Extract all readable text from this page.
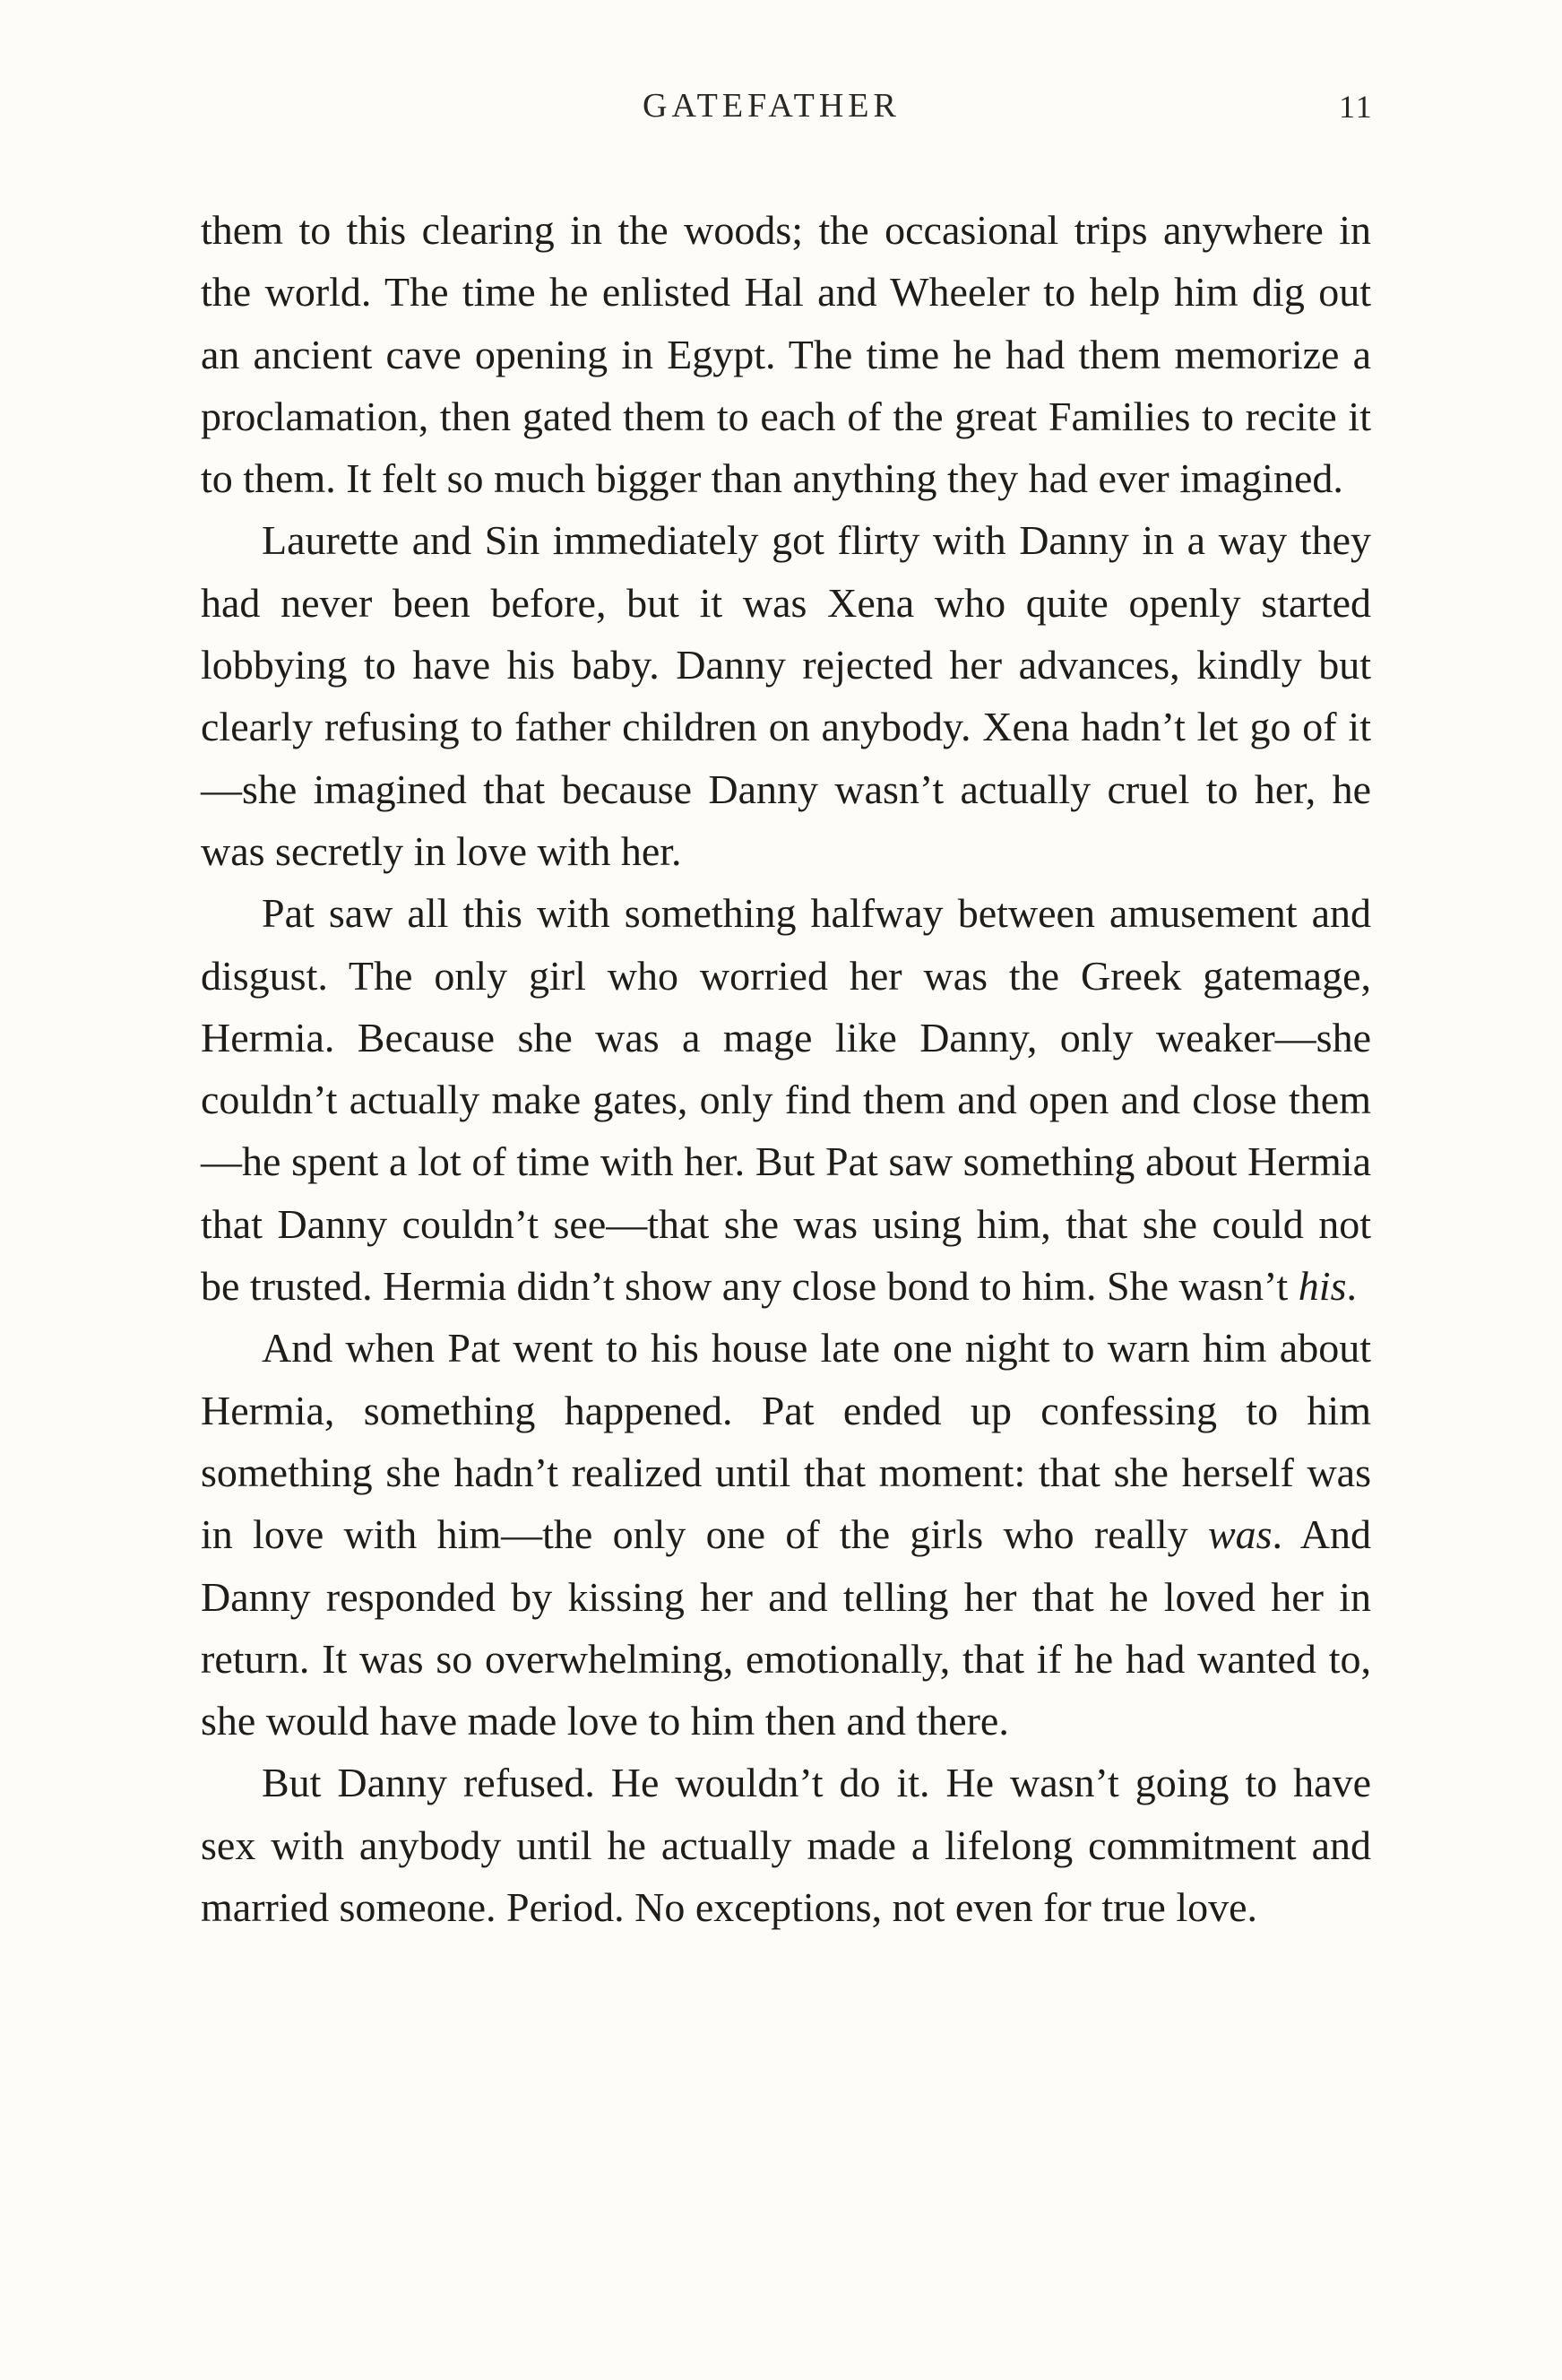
GATEFATHER	11

them to this clearing in the woods; the occasional trips anywhere in the world. The time he enlisted Hal and Wheeler to help him dig out an ancient cave opening in Egypt. The time he had them memorize a proclamation, then gated them to each of the great Families to recite it to them. It felt so much bigger than anything they had ever imagined.

Laurette and Sin immediately got flirty with Danny in a way they had never been before, but it was Xena who quite openly started lobbying to have his baby. Danny rejected her advances, kindly but clearly refusing to father children on anybody. Xena hadn’t let go of it—she imagined that because Danny wasn’t actually cruel to her, he was secretly in love with her.

Pat saw all this with something halfway between amusement and disgust. The only girl who worried her was the Greek gatemage, Hermia. Because she was a mage like Danny, only weaker—she couldn’t actually make gates, only find them and open and close them—he spent a lot of time with her. But Pat saw something about Hermia that Danny couldn’t see—that she was using him, that she could not be trusted. Hermia didn’t show any close bond to him. She wasn’t his.

And when Pat went to his house late one night to warn him about Hermia, something happened. Pat ended up confessing to him something she hadn’t realized until that moment: that she herself was in love with him—the only one of the girls who really was. And Danny responded by kissing her and telling her that he loved her in return. It was so overwhelming, emotionally, that if he had wanted to, she would have made love to him then and there.

But Danny refused. He wouldn’t do it. He wasn’t going to have sex with anybody until he actually made a lifelong commitment and married someone. Period. No exceptions, not even for true love.
